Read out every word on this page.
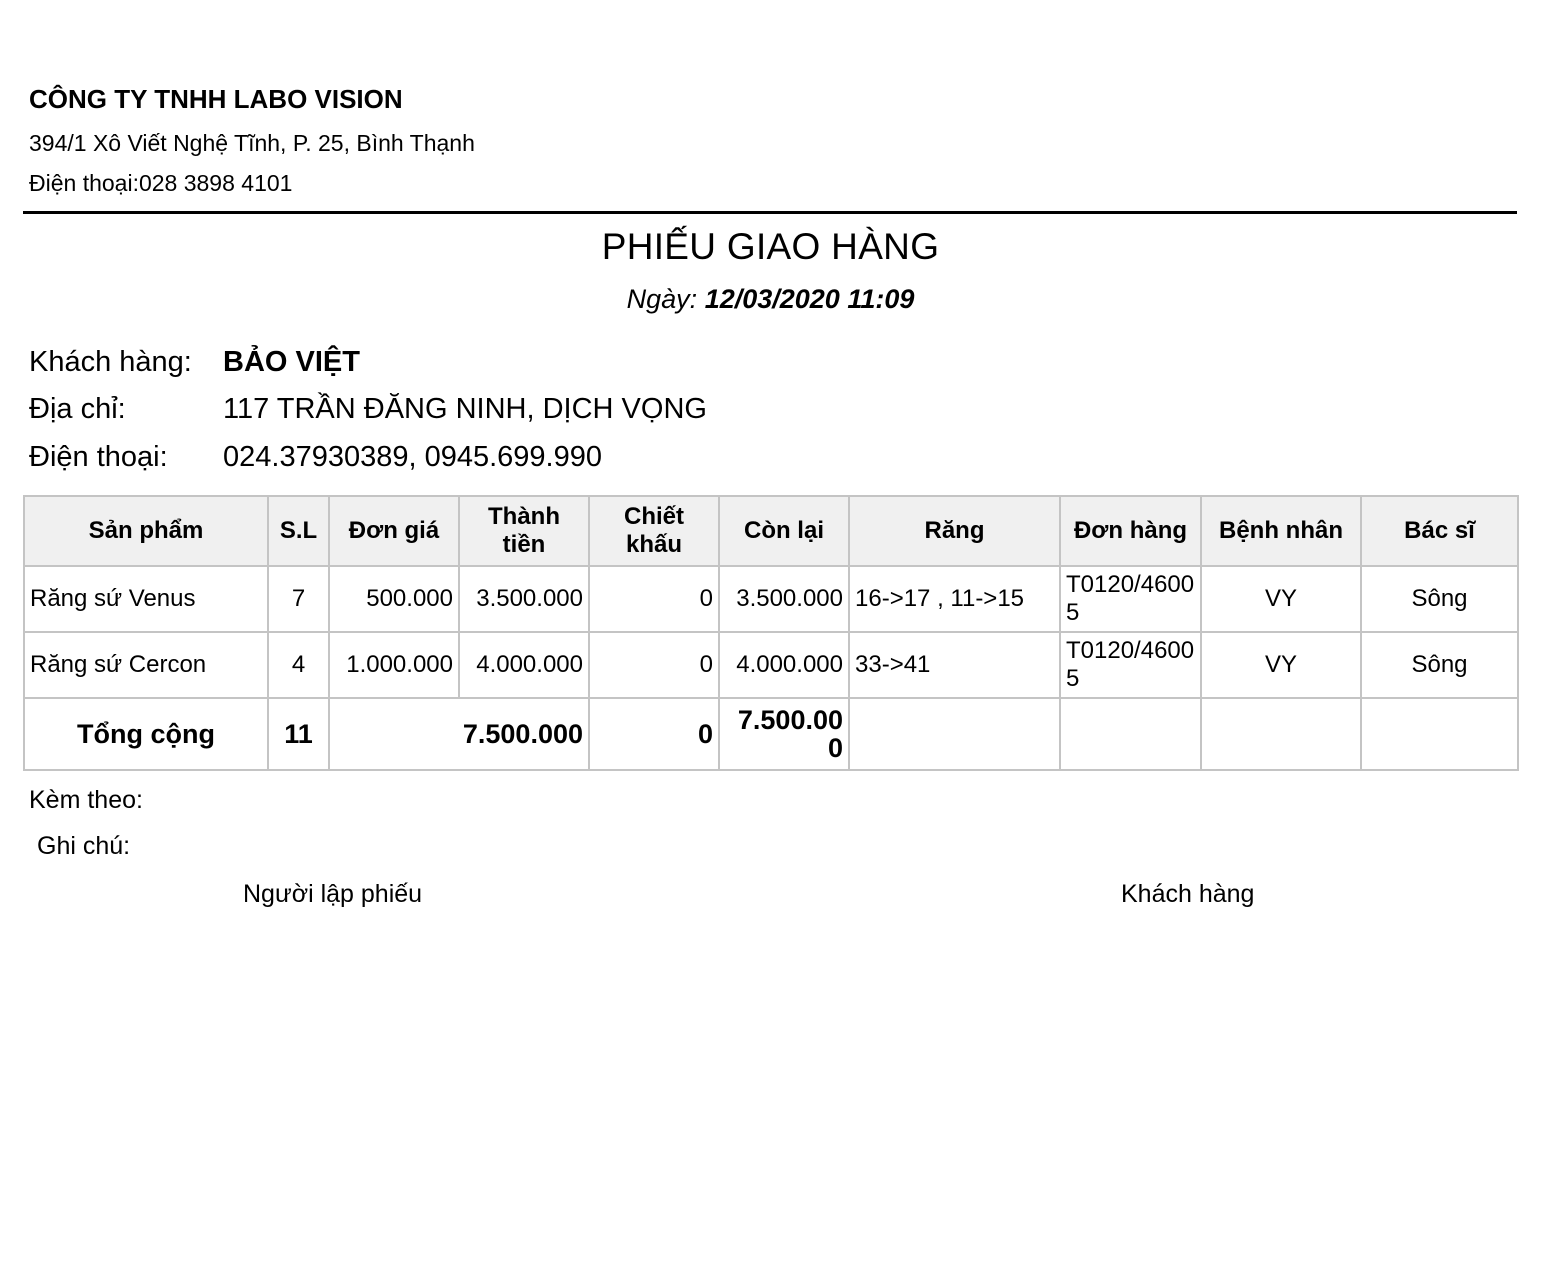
CÔNG TY TNHH LABO VISION
394/1 Xô Viết Nghệ Tĩnh, P. 25, Bình Thạnh
Điện thoại:028 3898 4101
PHIẾU GIAO HÀNG
Ngày: 12/03/2020 11:09
Khách hàng: BẢO VIỆT
Địa chỉ:	117 TRẦN ĐĂNG NINH, DỊCH VỌNG
Điện thoại: 024.37930389, 0945.699.990
Sản phẩm	S.L	Đơn giá	Thành tiền	Chiết khấu	Còn lại	Răng	Đơn hàng	Bệnh nhân	Bác sĩ
Răng sứ Venus	7	500.000	3.500.000	0	3.500.000	16->17 , 11->15	T0120/46005	VY	Sông
Răng sứ Cercon	4	1.000.000	4.000.000	0	4.000.000	33->41	T0120/46005	VY	Sông
Tổng cộng	11	7.500.000		0	7.500.000				
Kèm theo:
Ghi chú:
Người lập phiếu	Khách hàng
